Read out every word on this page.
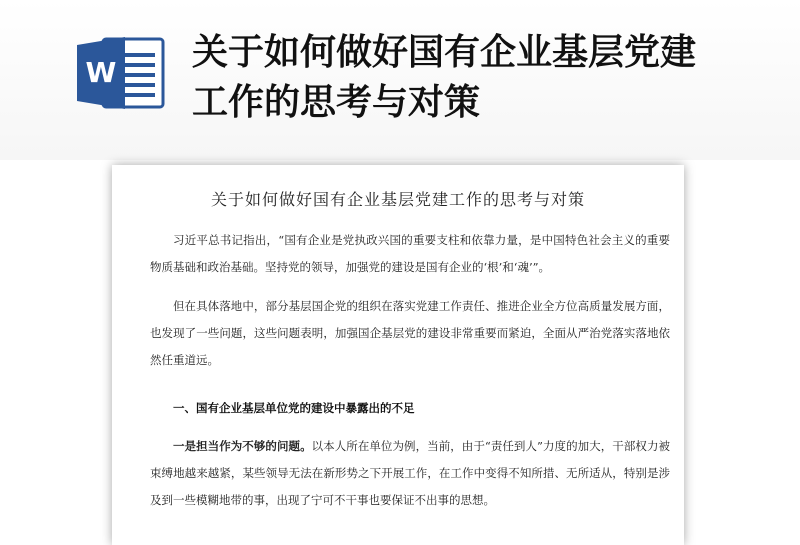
W 关于如何做好国有企业基层党建
工作的思考与对策
关于如何做好国有企业基层党建工作的思考与对策

习近平总书记指出，“国有企业是党执政兴国的重要支柱和依靠力量，是中国特色社会主义的重要物质基础和政治基础。坚持党的领导，加强党的建设是国有企业的‘根’和‘魂’”。

但在具体落地中，部分基层国企党的组织在落实党建工作责任、推进企业全方位高质量发展方面，也发现了一些问题，这些问题表明，加强国企基层党的建设非常重要而紧迫，全面从严治党落实落地依然任重道远。

一、国有企业基层单位党的建设中暴露出的不足

一是担当作为不够的问题。以本人所在单位为例，当前，由于“责任到人”力度的加大，干部权力被束缚地越来越紧，某些领导无法在新形势之下开展工作，在工作中变得不知所措、无所适从，特别是涉及到一些模糊地带的事，出现了宁可不干事也要保证不出事的思想。
